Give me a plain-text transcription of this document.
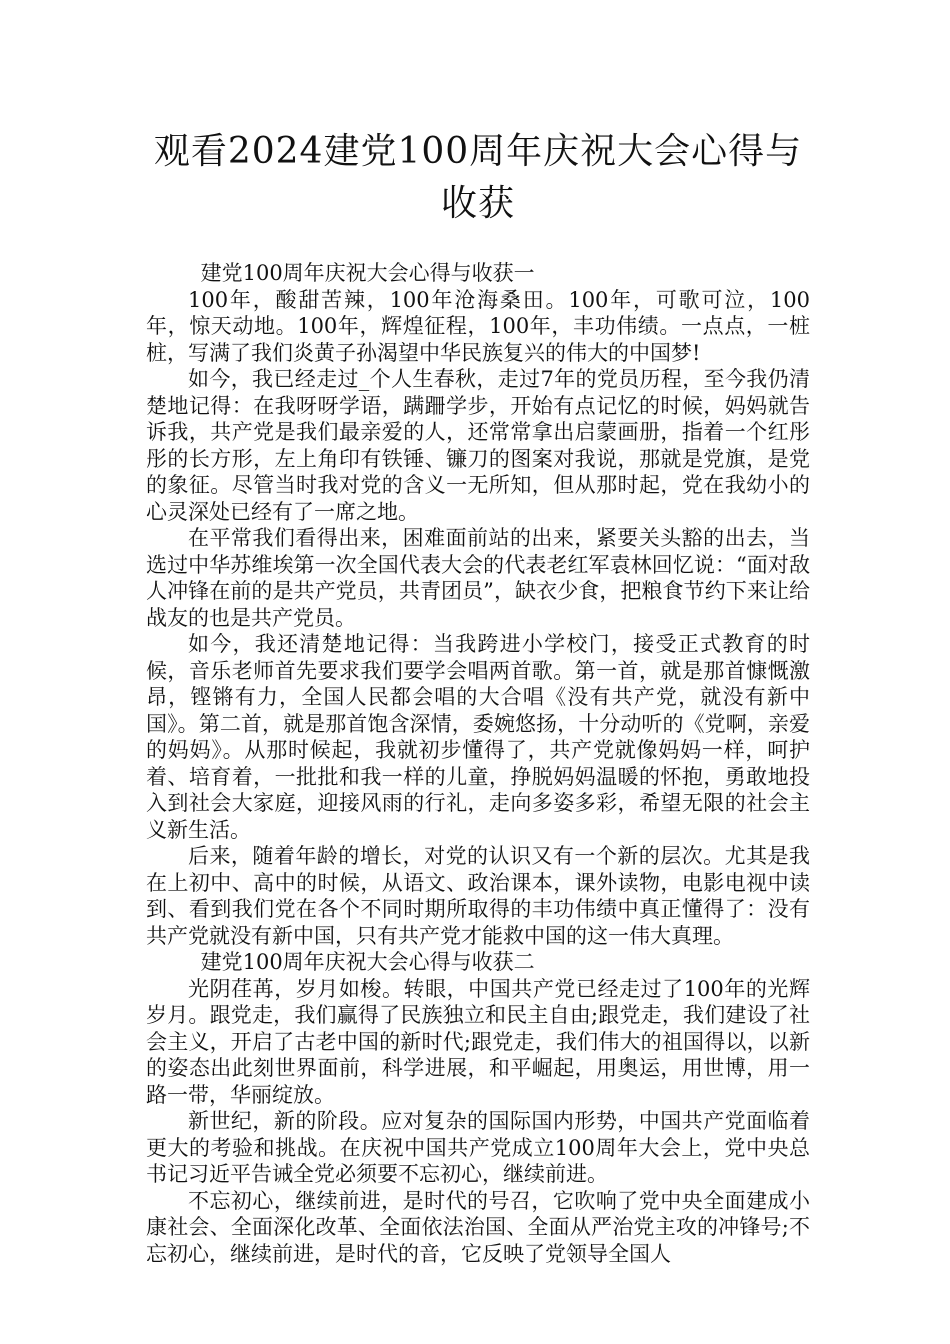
观看2024建党100周年庆祝大会心得与收获

建党100周年庆祝大会心得与收获一

100年，酸甜苦辣，100年沧海桑田。100年，可歌可泣，100年，惊天动地。100年，辉煌征程，100年，丰功伟绩。一点点，一桩桩，写满了我们炎黄子孙渴望中华民族复兴的伟大的中国梦!

如今，我已经走过_个人生春秋，走过7年的党员历程，至今我仍清楚地记得：在我呀呀学语，蹒跚学步，开始有点记忆的时候，妈妈就告诉我，共产党是我们最亲爱的人，还常常拿出启蒙画册，指着一个红彤彤的长方形，左上角印有铁锤、镰刀的图案对我说，那就是党旗，是党的象征。尽管当时我对党的含义一无所知，但从那时起，党在我幼小的心灵深处已经有了一席之地。

在平常我们看得出来，困难面前站的出来，紧要关头豁的出去，当选过中华苏维埃第一次全国代表大会的代表老红军袁林回忆说：“面对敌人冲锋在前的是共产党员，共青团员”，缺衣少食，把粮食节约下来让给战友的也是共产党员。

如今，我还清楚地记得：当我跨进小学校门，接受正式教育的时候，音乐老师首先要求我们要学会唱两首歌。第一首，就是那首慷慨激昂，铿锵有力，全国人民都会唱的大合唱《没有共产党，就没有新中国》。第二首，就是那首饱含深情，委婉悠扬，十分动听的《党啊，亲爱的妈妈》。从那时候起，我就初步懂得了，共产党就像妈妈一样，呵护着、培育着，一批批和我一样的儿童，挣脱妈妈温暖的怀抱，勇敢地投入到社会大家庭，迎接风雨的行礼，走向多姿多彩，希望无限的社会主义新生活。

后来，随着年龄的增长，对党的认识又有一个新的层次。尤其是我在上初中、高中的时候，从语文、政治课本，课外读物，电影电视中读到、看到我们党在各个不同时期所取得的丰功伟绩中真正懂得了：没有共产党就没有新中国，只有共产党才能救中国的这一伟大真理。

建党100周年庆祝大会心得与收获二

光阴荏苒，岁月如梭。转眼，中国共产党已经走过了100年的光辉岁月。跟党走，我们赢得了民族独立和民主自由;跟党走，我们建设了社会主义，开启了古老中国的新时代;跟党走，我们伟大的祖国得以，以新的姿态出此刻世界面前，科学进展，和平崛起，用奥运，用世博，用一路一带，华丽绽放。

新世纪，新的阶段。应对复杂的国际国内形势，中国共产党面临着更大的考验和挑战。在庆祝中国共产党成立100周年大会上，党中央总书记习近平告诫全党必须要不忘初心，继续前进。

不忘初心，继续前进，是时代的号召，它吹响了党中央全面建成小康社会、全面深化改革、全面依法治国、全面从严治党主攻的冲锋号;不忘初心，继续前进，是时代的音，它反映了党领导全国人
